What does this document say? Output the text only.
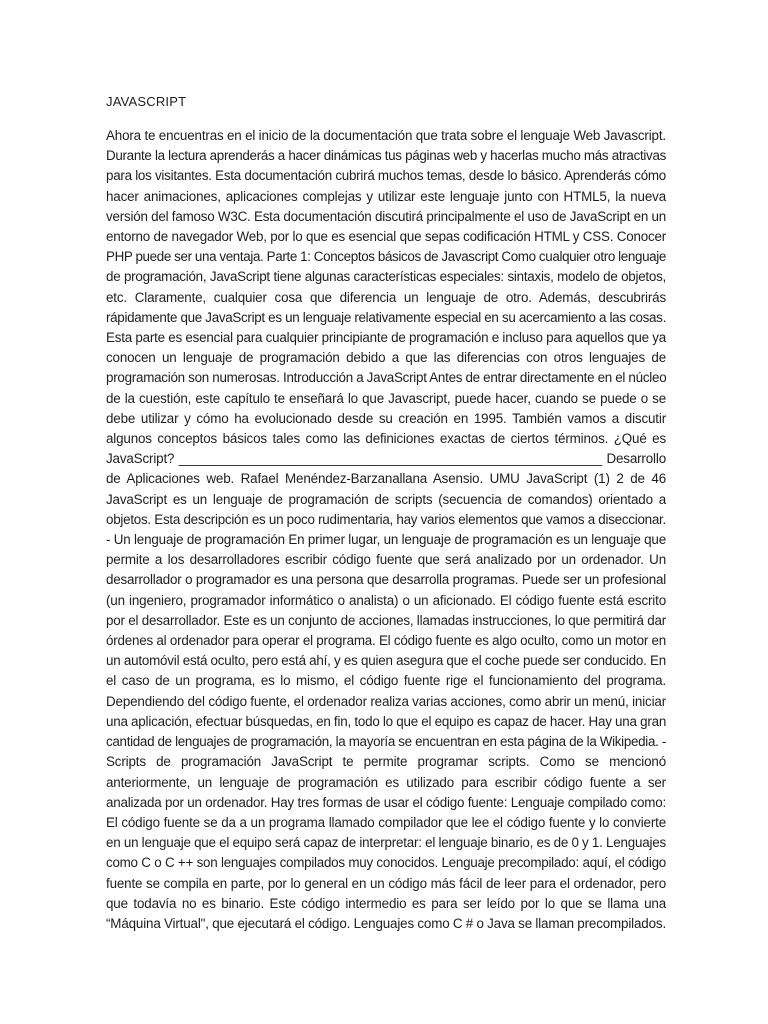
JAVASCRIPT
Ahora te encuentras en el inicio de la documentación que trata sobre el lenguaje Web Javascript.
Durante la lectura aprenderás a hacer dinámicas tus páginas web y hacerlas mucho más atractivas
para los visitantes. Esta documentación cubrirá muchos temas, desde lo básico. Aprenderás cómo
hacer animaciones, aplicaciones complejas y utilizar este lenguaje junto con HTML5, la nueva
versión del famoso W3C. Esta documentación discutirá principalmente el uso de JavaScript en un
entorno de navegador Web, por lo que es esencial que sepas codificación HTML y CSS. Conocer
PHP puede ser una ventaja. Parte 1: Conceptos básicos de Javascript Como cualquier otro lenguaje
de programación, JavaScript tiene algunas características especiales: sintaxis, modelo de objetos,
etc. Claramente, cualquier cosa que diferencia un lenguaje de otro. Además, descubrirás
rápidamente que JavaScript es un lenguaje relativamente especial en su acercamiento a las cosas.
Esta parte es esencial para cualquier principiante de programación e incluso para aquellos que ya
conocen un lenguaje de programación debido a que las diferencias con otros lenguajes de
programación son numerosas. Introducción a JavaScript Antes de entrar directamente en el núcleo
de la cuestión, este capítulo te enseñará lo que Javascript, puede hacer, cuando se puede o se
debe utilizar y cómo ha evolucionado desde su creación en 1995. También vamos a discutir
algunos conceptos básicos tales como las definiciones exactas de ciertos términos. ¿Qué es
JavaScript? __________________________________________________________ Desarrollo
de Aplicaciones web. Rafael Menéndez-Barzanallana Asensio. UMU JavaScript (1) 2 de 46
JavaScript es un lenguaje de programación de scripts (secuencia de comandos) orientado a
objetos. Esta descripción es un poco rudimentaria, hay varios elementos que vamos a diseccionar.
- Un lenguaje de programación En primer lugar, un lenguaje de programación es un lenguaje que
permite a los desarrolladores escribir código fuente que será analizado por un ordenador. Un
desarrollador o programador es una persona que desarrolla programas. Puede ser un profesional
(un ingeniero, programador informático o analista) o un aficionado. El código fuente está escrito
por el desarrollador. Este es un conjunto de acciones, llamadas instrucciones, lo que permitirá dar
órdenes al ordenador para operar el programa. El código fuente es algo oculto, como un motor en
un automóvil está oculto, pero está ahí, y es quien asegura que el coche puede ser conducido. En
el caso de un programa, es lo mismo, el código fuente rige el funcionamiento del programa.
Dependiendo del código fuente, el ordenador realiza varias acciones, como abrir un menú, iniciar
una aplicación, efectuar búsquedas, en fin, todo lo que el equipo es capaz de hacer. Hay una gran
cantidad de lenguajes de programación, la mayoría se encuentran en esta página de la Wikipedia. -
Scripts de programación JavaScript te permite programar scripts. Como se mencionó
anteriormente, un lenguaje de programación es utilizado para escribir código fuente a ser
analizada por un ordenador. Hay tres formas de usar el código fuente: Lenguaje compilado como:
El código fuente se da a un programa llamado compilador que lee el código fuente y lo convierte
en un lenguaje que el equipo será capaz de interpretar: el lenguaje binario, es de 0 y 1. Lenguajes
como C o C ++ son lenguajes compilados muy conocidos. Lenguaje precompilado: aquí, el código
fuente se compila en parte, por lo general en un código más fácil de leer para el ordenador, pero
que todavía no es binario. Este código intermedio es para ser leído por lo que se llama una
“Máquina Virtual", que ejecutará el código. Lenguajes como C # o Java se llaman precompilados.
